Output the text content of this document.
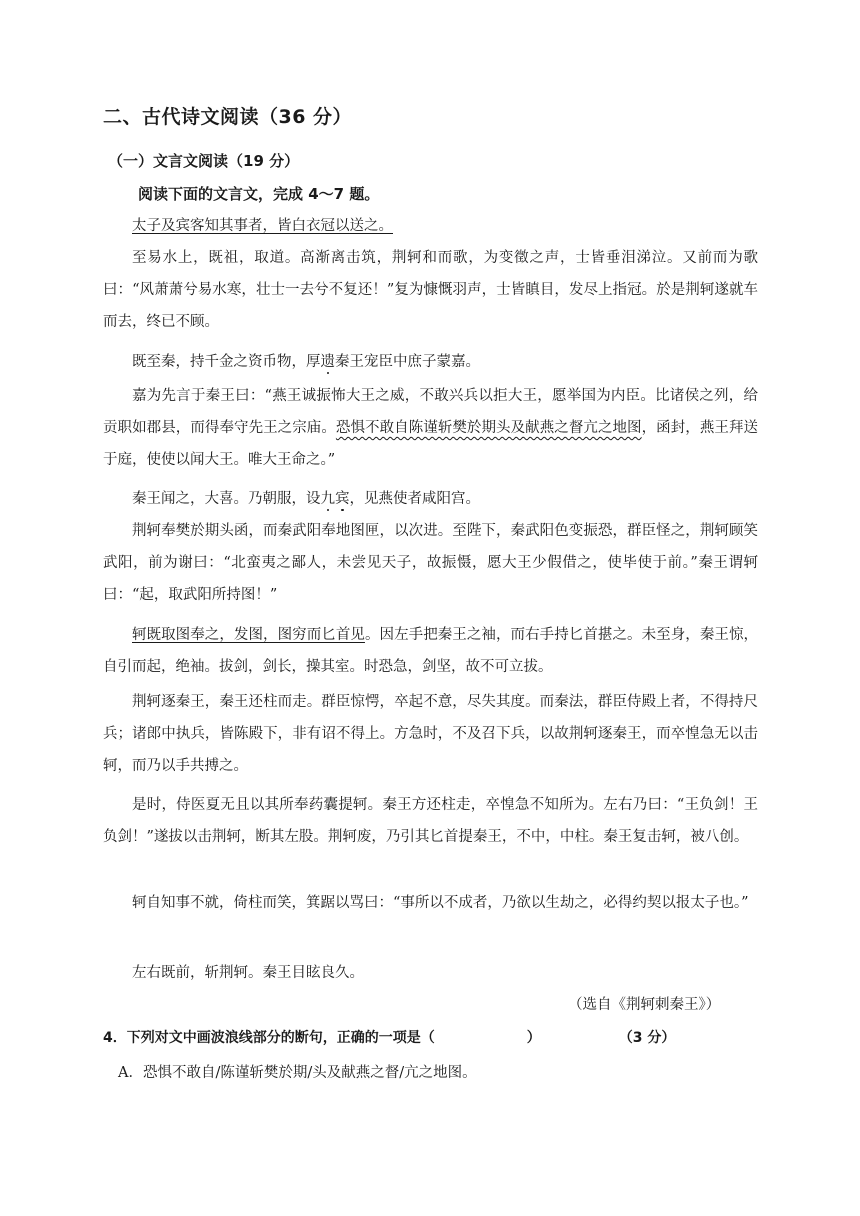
二、古代诗文阅读（36 分）
（一）文言文阅读（19 分）
阅读下面的文言文，完成 4～7 题。
太子及宾客知其事者，皆白衣冠以送之。
至易水上，既祖，取道。高渐离击筑，荆轲和而歌，为变徵之声，士皆垂泪涕泣。又前而为歌曰：“风萧萧兮易水寒，壮士一去兮不复还！”复为慷慨羽声，士皆瞋目，发尽上指冠。於是荆轲遂就车而去，终已不顾。
既至秦，持千金之资币物，厚遗秦王宠臣中庶子蒙嘉。
嘉为先言于秦王曰：“燕王诚振怖大王之威，不敢兴兵以拒大王，愿举国为内臣。比诸侯之列，给贡职如郡县，而得奉守先王之宗庙。恐惧不敢自陈谨斩樊於期头及献燕之督亢之地图，函封，燕王拜送于庭，使使以闻大王。唯大王命之。”
秦王闻之，大喜。乃朝服，设九宾，见燕使者咸阳宫。
荆轲奉樊於期头函，而秦武阳奉地图匣，以次进。至陛下，秦武阳色变振恐，群臣怪之，荆轲顾笑武阳，前为谢曰：“北蛮夷之鄙人，未尝见天子，故振慑，愿大王少假借之，使毕使于前。”秦王谓轲曰：“起，取武阳所持图！”
轲既取图奉之，发图，图穷而匕首见。因左手把秦王之袖，而右手持匕首揕之。未至身，秦王惊，自引而起，绝袖。拔剑，剑长，操其室。时恐急，剑坚，故不可立拔。
荆轲逐秦王，秦王还柱而走。群臣惊愕，卒起不意，尽失其度。而秦法，群臣侍殿上者，不得持尺兵；诸郎中执兵，皆陈殿下，非有诏不得上。方急时，不及召下兵，以故荆轲逐秦王，而卒惶急无以击轲，而乃以手共搏之。
是时，侍医夏无且以其所奉药囊提轲。秦王方还柱走，卒惶急不知所为。左右乃曰：“王负剑！王负剑！”遂拔以击荆轲，断其左股。荆轲废，乃引其匕首提秦王，不中，中柱。秦王复击轲，被八创。
轲自知事不就，倚柱而笑，箕踞以骂曰：“事所以不成者，乃欲以生劫之，必得约契以报太子也。”
左右既前，斩荆轲。秦王目眩良久。
（选自《荆轲刺秦王》）
4．下列对文中画波浪线部分的断句，正确的一项是（	）	（3 分）
A．恐惧不敢自/陈谨斩樊於期/头及献燕之督/亢之地图。
